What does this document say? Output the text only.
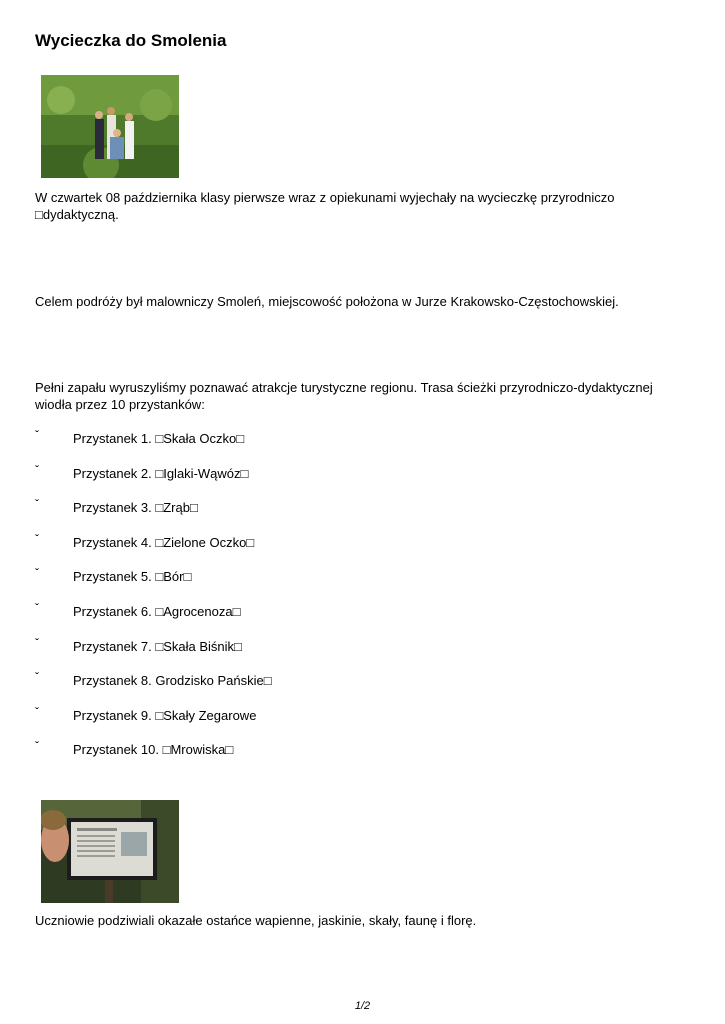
Wycieczka do Smolenia

W czwartek 08 października klasy pierwsze wraz z opiekunami wyjechały na wycieczkę przyrodniczo □dydaktyczną.

Celem podróży był malowniczy Smoleń, miejscowość położona w Jurze Krakowsko-Częstochowskiej.

Pełni zapału wyruszyliśmy poznawać atrakcje turystyczne regionu. Trasa ścieżki przyrodniczo-dydaktycznej wiodła przez 10 przystanków:

ˇ	Przystanek 1. □Skała Oczko□
ˇ	Przystanek 2. □Iglaki-Wąwóz□
ˇ	Przystanek 3. □Zrąb□
ˇ	Przystanek 4. □Zielone Oczko□
ˇ	Przystanek 5. □Bór□
ˇ	Przystanek 6. □Agrocenoza□
ˇ	Przystanek 7. □Skała Biśnik□
ˇ	Przystanek 8. Grodzisko Pańskie□
ˇ	Przystanek 9. □Skały Zegarowe
ˇ	Przystanek 10. □Mrowiska□

Uczniowie podziwiali okazałe ostańce wapienne, jaskinie, skały, faunę i florę.

1/2
